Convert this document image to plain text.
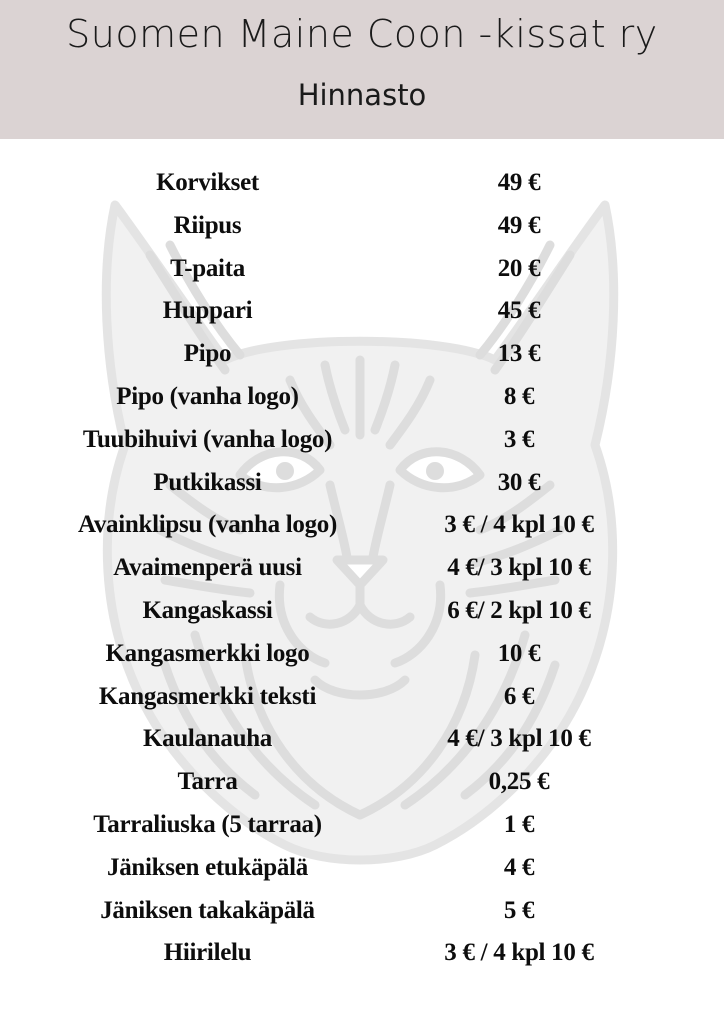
Suomen Maine Coon -kissat ry
Hinnasto
Korvikset	49 €
Riipus	49 €
T-paita	20 €
Huppari	45 €
Pipo	13 €
Pipo (vanha logo)	8 €
Tuubihuivi (vanha logo)	3 €
Putkikassi	30 €
Avainklipsu (vanha logo)	3 € / 4 kpl 10 €
Avaimenperä uusi	4 €/ 3 kpl 10 €
Kangaskassi	6 €/ 2 kpl 10 €
Kangasmerkki logo	10 €
Kangasmerkki teksti	6 €
Kaulanauha	4 €/ 3 kpl 10 €
Tarra	0,25 €
Tarraliuska (5 tarraa)	1 €
Jäniksen etukäpälä	4 €
Jäniksen takakäpälä	5 €
Hiirilelu	3 € / 4 kpl 10 €
